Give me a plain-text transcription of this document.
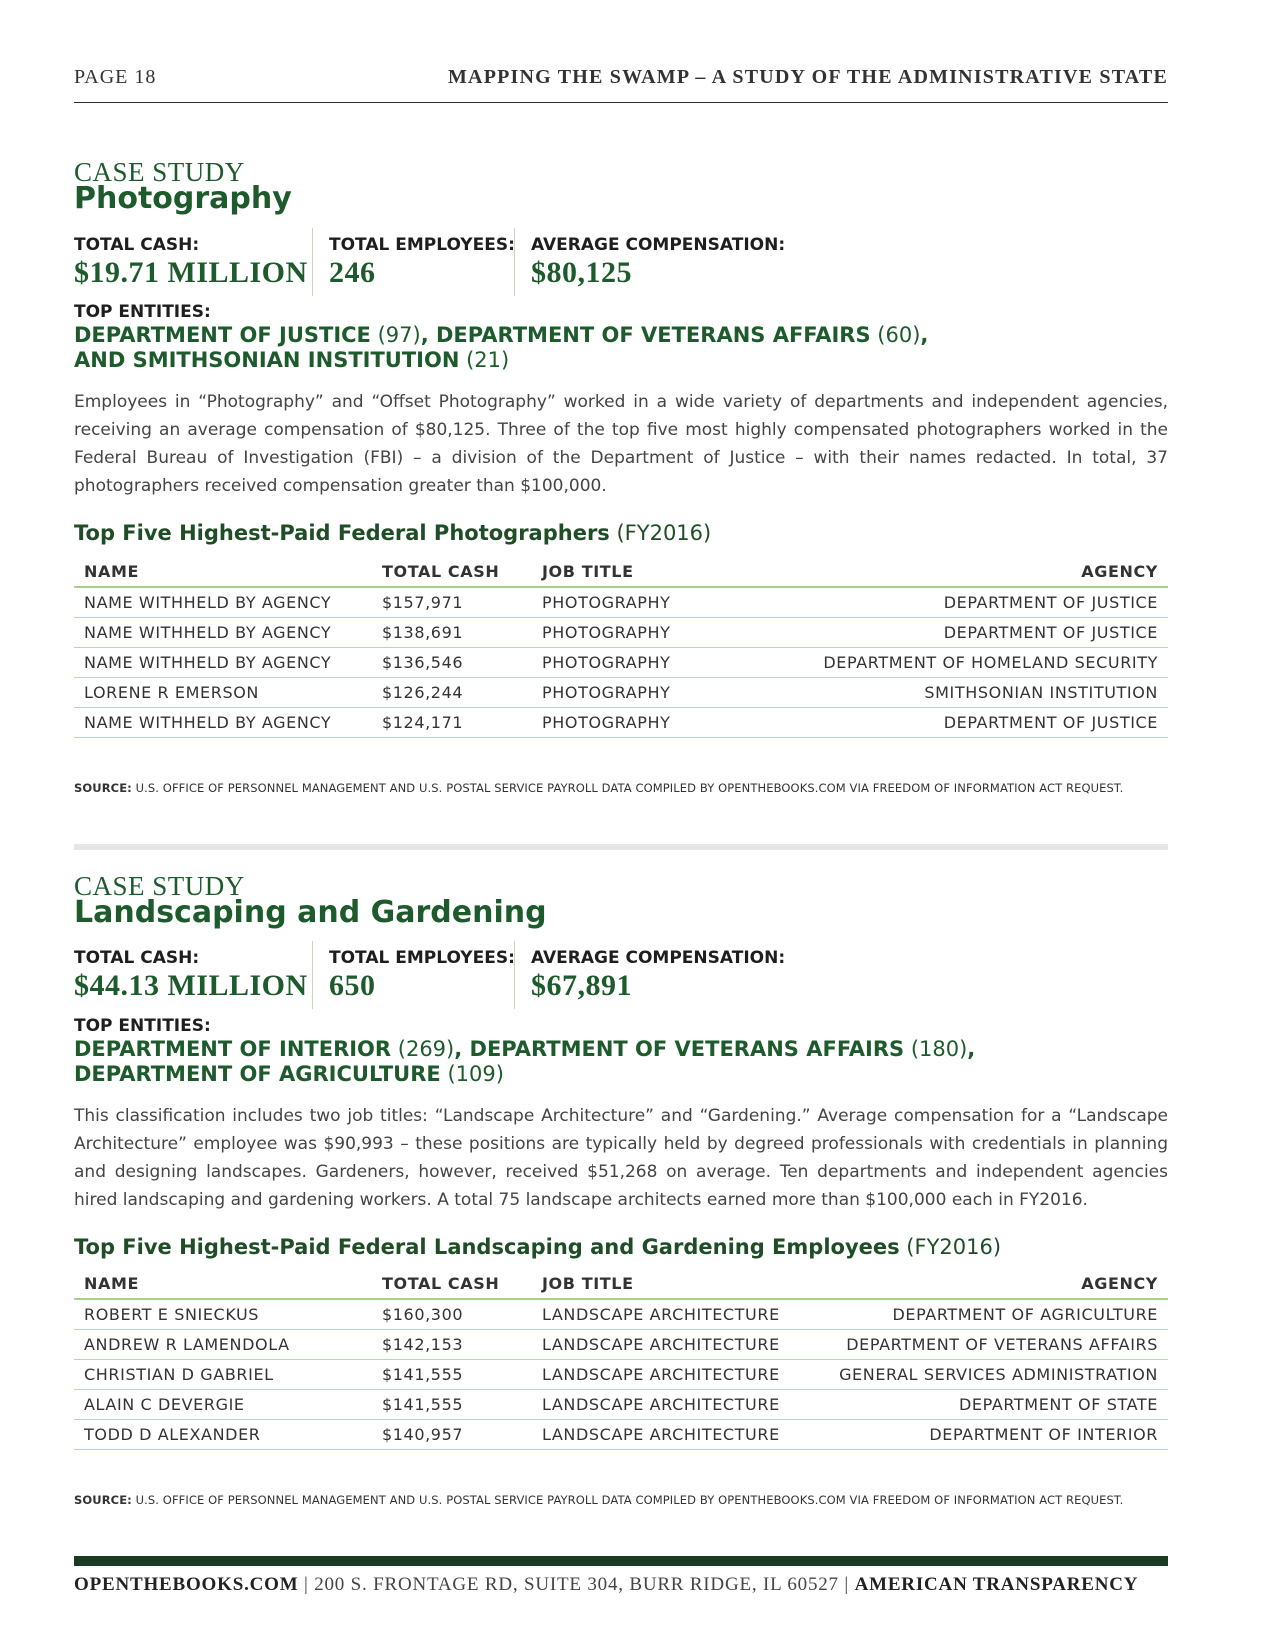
PAGE 18	MAPPING THE SWAMP – A STUDY OF THE ADMINISTRATIVE STATE
CASE STUDY
Photography
TOTAL CASH:
$19.71 MILLION
TOTAL EMPLOYEES:
246
AVERAGE COMPENSATION:
$80,125
TOP ENTITIES:
DEPARTMENT OF JUSTICE (97), DEPARTMENT OF VETERANS AFFAIRS (60),
AND SMITHSONIAN INSTITUTION (21)
Employees in “Photography” and “Offset Photography” worked in a wide variety of departments and independent agencies, receiving an average compensation of $80,125. Three of the top five most highly compensated photographers worked in the Federal Bureau of Investigation (FBI) – a division of the Department of Justice – with their names redacted. In total, 37 photographers received compensation greater than $100,000.
Top Five Highest-Paid Federal Photographers (FY2016)
NAME	TOTAL CASH	JOB TITLE	AGENCY
NAME WITHHELD BY AGENCY	$157,971	PHOTOGRAPHY	DEPARTMENT OF JUSTICE
NAME WITHHELD BY AGENCY	$138,691	PHOTOGRAPHY	DEPARTMENT OF JUSTICE
NAME WITHHELD BY AGENCY	$136,546	PHOTOGRAPHY	DEPARTMENT OF HOMELAND SECURITY
LORENE R EMERSON	$126,244	PHOTOGRAPHY	SMITHSONIAN INSTITUTION
NAME WITHHELD BY AGENCY	$124,171	PHOTOGRAPHY	DEPARTMENT OF JUSTICE
SOURCE: U.S. OFFICE OF PERSONNEL MANAGEMENT AND U.S. POSTAL SERVICE PAYROLL DATA COMPILED BY OPENTHEBOOKS.COM VIA FREEDOM OF INFORMATION ACT REQUEST.
CASE STUDY
Landscaping and Gardening
TOTAL CASH:
$44.13 MILLION
TOTAL EMPLOYEES:
650
AVERAGE COMPENSATION:
$67,891
TOP ENTITIES:
DEPARTMENT OF INTERIOR (269), DEPARTMENT OF VETERANS AFFAIRS (180),
DEPARTMENT OF AGRICULTURE (109)
This classification includes two job titles: “Landscape Architecture” and “Gardening.” Average compensation for a “Landscape Architecture” employee was $90,993 – these positions are typically held by degreed professionals with credentials in planning and designing landscapes. Gardeners, however, received $51,268 on average. Ten departments and independent agencies hired landscaping and gardening workers. A total 75 landscape architects earned more than $100,000 each in FY2016.
Top Five Highest-Paid Federal Landscaping and Gardening Employees (FY2016)
NAME	TOTAL CASH	JOB TITLE	AGENCY
ROBERT E SNIECKUS	$160,300	LANDSCAPE ARCHITECTURE	DEPARTMENT OF AGRICULTURE
ANDREW R LAMENDOLA	$142,153	LANDSCAPE ARCHITECTURE	DEPARTMENT OF VETERANS AFFAIRS
CHRISTIAN D GABRIEL	$141,555	LANDSCAPE ARCHITECTURE	GENERAL SERVICES ADMINISTRATION
ALAIN C DEVERGIE	$141,555	LANDSCAPE ARCHITECTURE	DEPARTMENT OF STATE
TODD D ALEXANDER	$140,957	LANDSCAPE ARCHITECTURE	DEPARTMENT OF INTERIOR
SOURCE: U.S. OFFICE OF PERSONNEL MANAGEMENT AND U.S. POSTAL SERVICE PAYROLL DATA COMPILED BY OPENTHEBOOKS.COM VIA FREEDOM OF INFORMATION ACT REQUEST.
OPENTHEBOOKS.COM | 200 S. FRONTAGE RD, SUITE 304, BURR RIDGE, IL 60527 | AMERICAN TRANSPARENCY
